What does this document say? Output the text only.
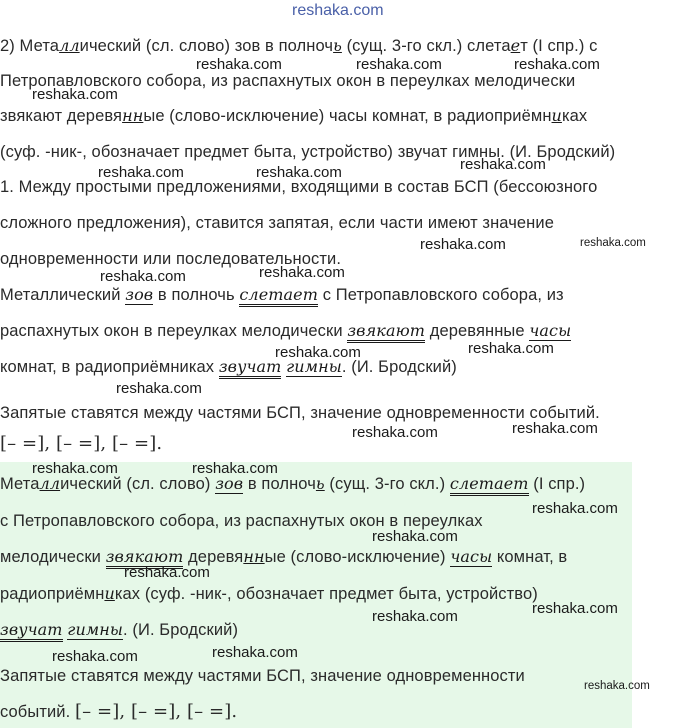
reshaka.com
2) Металлический (сл. слово) зов в полночь (сущ. 3-го скл.) слетает (I спр.) с
Петропавловского собора, из распахнутых окон в переулках мелодически
звякают деревянные (слово-исключение) часы комнат, в радиоприёмниках
(суф. -ник-, обозначает предмет быта, устройство) звучат гимны. (И. Бродский)
1. Между простыми предложениями, входящими в состав БСП (бессоюзного
сложного предложения), ставится запятая, если части имеют значение
одновременности или последовательности.
Металлический зов в полночь слетает с Петропавловского собора, из
распахнутых окон в переулках мелодически звякают деревянные часы
комнат, в радиоприёмниках звучат гимны. (И. Бродский)
Запятые ставятся между частями БСП, значение одновременности событий.
[– =], [– =], [– =].
Металлический (сл. слово) зов в полночь (сущ. 3-го скл.) слетает (I спр.)
с Петропавловского собора, из распахнутых окон в переулках
мелодически звякают деревянные (слово-исключение) часы комнат, в
радиоприёмниках (суф. -ник-, обозначает предмет быта, устройство)
звучат гимны. (И. Бродский)
Запятые ставятся между частями БСП, значение одновременности
событий. [– =], [– =], [– =].
reshaka.com	reshaka.com	reshaka.com
reshaka.com
reshaka.com
reshaka.com	reshaka.com
reshaka.com	reshaka.com
reshaka.com	reshaka.com
reshaka.com	reshaka.com
reshaka.com
reshaka.com	reshaka.com
reshaka.com	reshaka.com
reshaka.com
reshaka.com
reshaka.com
reshaka.com
reshaka.com
reshaka.com	reshaka.com
reshaka.com
